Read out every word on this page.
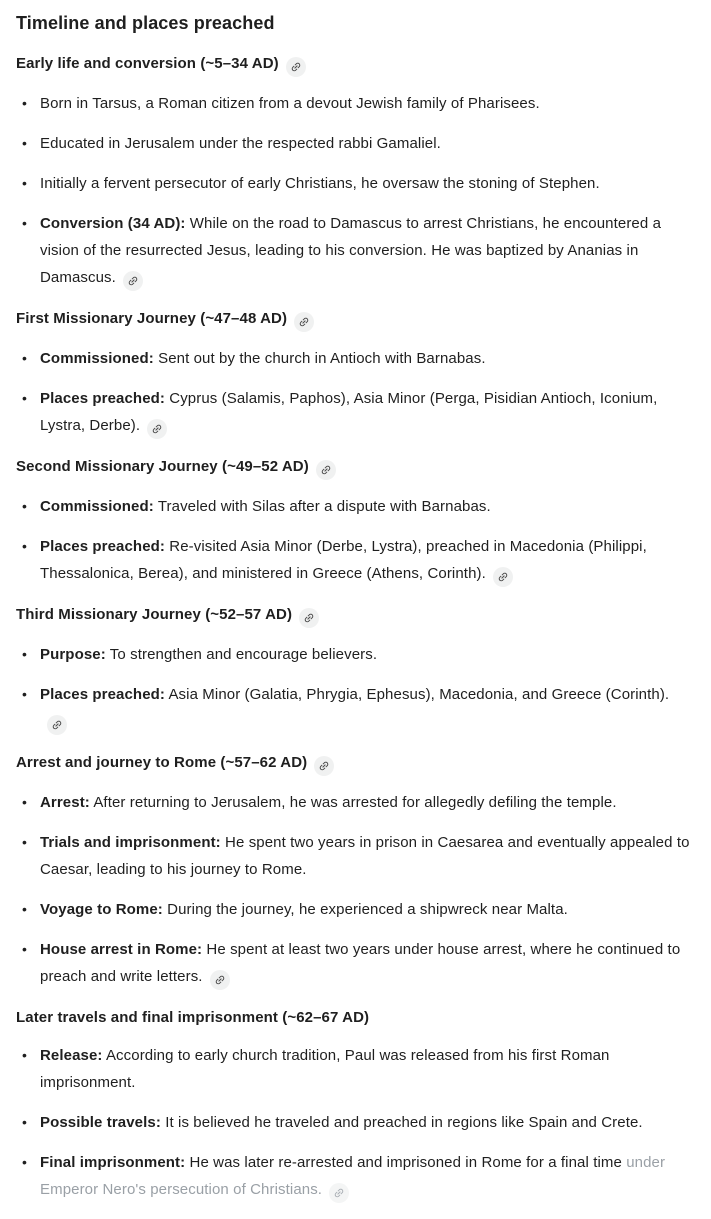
Timeline and places preached
Early life and conversion (~5–34 AD)
• Born in Tarsus, a Roman citizen from a devout Jewish family of Pharisees.
• Educated in Jerusalem under the respected rabbi Gamaliel.
• Initially a fervent persecutor of early Christians, he oversaw the stoning of Stephen.
• Conversion (34 AD): While on the road to Damascus to arrest Christians, he encountered a vision of the resurrected Jesus, leading to his conversion. He was baptized by Ananias in Damascus.
First Missionary Journey (~47–48 AD)
• Commissioned: Sent out by the church in Antioch with Barnabas.
• Places preached: Cyprus (Salamis, Paphos), Asia Minor (Perga, Pisidian Antioch, Iconium, Lystra, Derbe).
Second Missionary Journey (~49–52 AD)
• Commissioned: Traveled with Silas after a dispute with Barnabas.
• Places preached: Re-visited Asia Minor (Derbe, Lystra), preached in Macedonia (Philippi, Thessalonica, Berea), and ministered in Greece (Athens, Corinth).
Third Missionary Journey (~52–57 AD)
• Purpose: To strengthen and encourage believers.
• Places preached: Asia Minor (Galatia, Phrygia, Ephesus), Macedonia, and Greece (Corinth).
Arrest and journey to Rome (~57–62 AD)
• Arrest: After returning to Jerusalem, he was arrested for allegedly defiling the temple.
• Trials and imprisonment: He spent two years in prison in Caesarea and eventually appealed to Caesar, leading to his journey to Rome.
• Voyage to Rome: During the journey, he experienced a shipwreck near Malta.
• House arrest in Rome: He spent at least two years under house arrest, where he continued to preach and write letters.
Later travels and final imprisonment (~62–67 AD)
• Release: According to early church tradition, Paul was released from his first Roman imprisonment.
• Possible travels: It is believed he traveled and preached in regions like Spain and Crete.
• Final imprisonment: He was later re-arrested and imprisoned in Rome for a final time under Emperor Nero's persecution of Christians.
